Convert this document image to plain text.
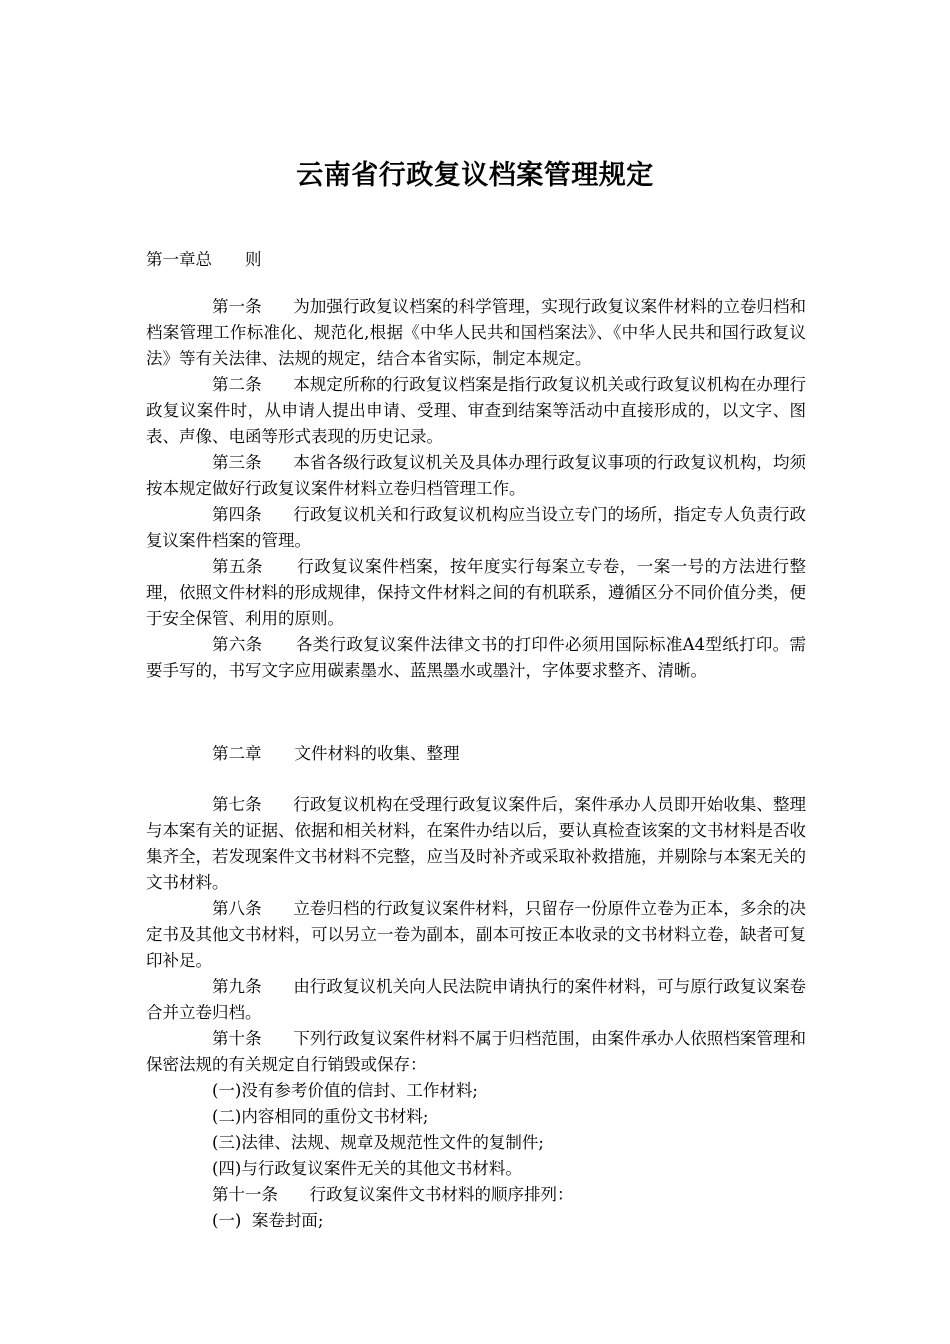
云南省行政复议档案管理规定
第一章总　　则

第一条 为加强行政复议档案的科学管理，实现行政复议案件材料的立卷归档和档案管理工作标准化、规范化,根据《中华人民共和国档案法》、《中华人民共和国行政复议法》等有关法律、法规的规定，结合本省实际，制定本规定。

第二条 本规定所称的行政复议档案是指行政复议机关或行政复议机构在办理行政复议案件时，从申请人提出申请、受理、审查到结案等活动中直接形成的，以文字、图表、声像、电函等形式表现的历史记录。

第三条 本省各级行政复议机关及具体办理行政复议事项的行政复议机构，均须按本规定做好行政复议案件材料立卷归档管理工作。

第四条 行政复议机关和行政复议机构应当设立专门的场所，指定专人负责行政复议案件档案的管理。

第五条 行政复议案件档案，按年度实行每案立专卷，一案一号的方法进行整理，依照文件材料的形成规律，保持文件材料之间的有机联系，遵循区分不同价值分类，便于安全保管、利用的原则。

第六条 各类行政复议案件法律文书的打印件必须用国际标准A4型纸打印。需要手写的，书写文字应用碳素墨水、蓝黑墨水或墨汁，字体要求整齐、清晰。

第二章　　文件材料的收集、整理

第七条 行政复议机构在受理行政复议案件后，案件承办人员即开始收集、整理与本案有关的证据、依据和相关材料，在案件办结以后，要认真检查该案的文书材料是否收集齐全，若发现案件文书材料不完整，应当及时补齐或采取补救措施，并剔除与本案无关的文书材料。

第八条 立卷归档的行政复议案件材料，只留存一份原件立卷为正本，多余的决定书及其他文书材料，可以另立一卷为副本，副本可按正本收录的文书材料立卷，缺者可复印补足。

第九条 由行政复议机关向人民法院申请执行的案件材料，可与原行政复议案卷合并立卷归档。

第十条 下列行政复议案件材料不属于归档范围，由案件承办人依照档案管理和保密法规的有关规定自行销毁或保存：

(一)没有参考价值的信封、工作材料;

(二)内容相同的重份文书材料;

(三)法律、法规、规章及规范性文件的复制件;

(四)与行政复议案件无关的其他文书材料。

第十一条 行政复议案件文书材料的顺序排列：

(一)  案卷封面;
